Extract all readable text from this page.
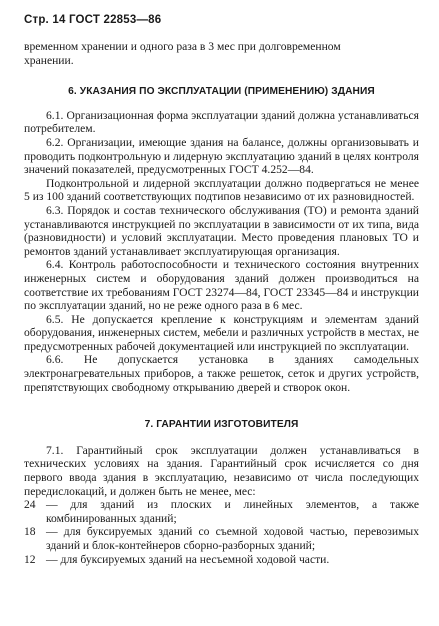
Стр. 14 ГОСТ 22853—86

временном хранении и одного раза в 3 мес при долговременном
хранении.

6. УКАЗАНИЯ ПО ЭКСПЛУАТАЦИИ (ПРИМЕНЕНИЮ) ЗДАНИЯ

6.1. Организационная форма эксплуатации зданий должна устанавливаться потребителем.

6.2. Организации, имеющие здания на балансе, должны организовывать и проводить подконтрольную и лидерную эксплуатацию зданий в целях контроля значений показателей, предусмотренных ГОСТ 4.252—84.

Подконтрольной и лидерной эксплуатации должно подвергаться не менее 5 из 100 зданий соответствующих подтипов независимо от их разновидностей.

6.3. Порядок и состав технического обслуживания (ТО) и ремонта зданий устанавливаются инструкцией по эксплуатации в зависимости от их типа, вида (разновидности) и условий эксплуатации. Место проведения плановых ТО и ремонтов зданий устанавливает эксплуатирующая организация.

6.4. Контроль работоспособности и технического состояния внутренних инженерных систем и оборудования зданий должен производиться на соответствие их требованиям ГОСТ 23274—84, ГОСТ 23345—84 и инструкции по эксплуатации зданий, но не реже одного раза в 6 мес.

6.5. Не допускается крепление к конструкциям и элементам зданий оборудования, инженерных систем, мебели и различных устройств в местах, не предусмотренных рабочей документацией или инструкцией по эксплуатации.

6.6. Не допускается установка в зданиях самодельных электронагревательных приборов, а также решеток, сеток и других устройств, препятствующих свободному открыванию дверей и створок окон.

7. ГАРАНТИИ ИЗГОТОВИТЕЛЯ

7.1. Гарантийный срок эксплуатации должен устанавливаться в технических условиях на здания. Гарантийный срок исчисляется со дня первого ввода здания в эксплуатацию, независимо от числа последующих передислокаций, и должен быть не менее, мес:

24 — для зданий из плоских и линейных элементов, а также комбинированных зданий;
18 — для буксируемых зданий со съемной ходовой частью, перевозимых зданий и блок-контейнеров сборно-разборных зданий;
12 — для буксируемых зданий на несъемной ходовой части.
